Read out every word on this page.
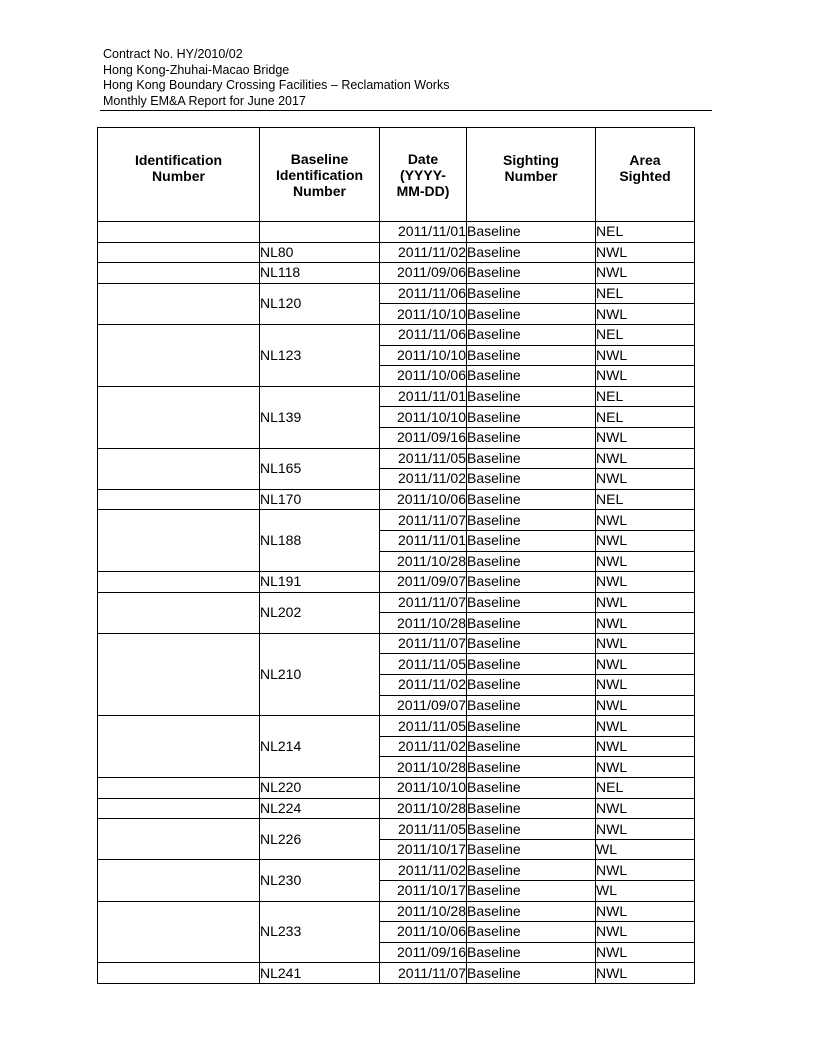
Contract No. HY/2010/02
Hong Kong-Zhuhai-Macao Bridge
Hong Kong Boundary Crossing Facilities – Reclamation Works
Monthly EM&A Report for June 2017
Identification Number	Baseline Identification Number	Date (YYYY-MM-DD)	Sighting Number	Area Sighted
		2011/11/01	Baseline	NEL
	NL80	2011/11/02	Baseline	NWL
	NL118	2011/09/06	Baseline	NWL
	NL120	2011/11/06	Baseline	NEL
		2011/10/10	Baseline	NWL
	NL123	2011/11/06	Baseline	NEL
		2011/10/10	Baseline	NWL
		2011/10/06	Baseline	NWL
	NL139	2011/11/01	Baseline	NEL
		2011/10/10	Baseline	NEL
		2011/09/16	Baseline	NWL
	NL165	2011/11/05	Baseline	NWL
		2011/11/02	Baseline	NWL
	NL170	2011/10/06	Baseline	NEL
	NL188	2011/11/07	Baseline	NWL
		2011/11/01	Baseline	NWL
		2011/10/28	Baseline	NWL
	NL191	2011/09/07	Baseline	NWL
	NL202	2011/11/07	Baseline	NWL
		2011/10/28	Baseline	NWL
	NL210	2011/11/07	Baseline	NWL
		2011/11/05	Baseline	NWL
		2011/11/02	Baseline	NWL
		2011/09/07	Baseline	NWL
	NL214	2011/11/05	Baseline	NWL
		2011/11/02	Baseline	NWL
		2011/10/28	Baseline	NWL
	NL220	2011/10/10	Baseline	NEL
	NL224	2011/10/28	Baseline	NWL
	NL226	2011/11/05	Baseline	NWL
		2011/10/17	Baseline	WL
	NL230	2011/11/02	Baseline	NWL
		2011/10/17	Baseline	WL
	NL233	2011/10/28	Baseline	NWL
		2011/10/06	Baseline	NWL
		2011/09/16	Baseline	NWL
	NL241	2011/11/07	Baseline	NWL
